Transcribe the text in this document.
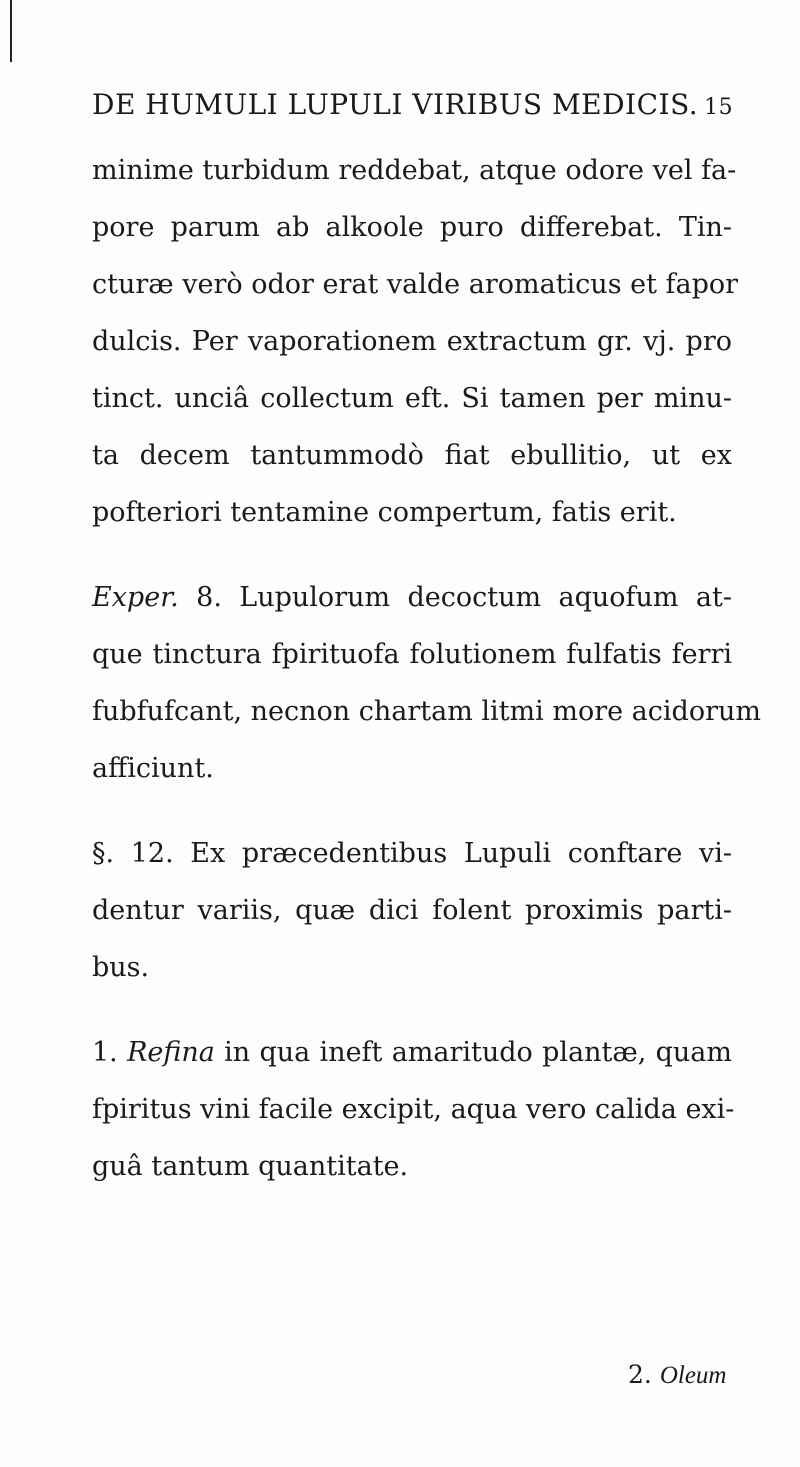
DE HUMULI LUPULI VIRIBUS MEDICIS. 15
minime turbidum reddebat, atque odore vel fa-
pore parum ab alkoole puro differebat. Tin-
cturæ verò odor erat valde aromaticus et fapor
dulcis. Per vaporationem extractum gr. vj. pro
tinct. unciâ collectum eft. Si tamen per minu-
ta decem tantummodò fiat ebullitio, ut ex
pofteriori tentamine compertum, fatis erit.
Exper. 8. Lupulorum decoctum aquofum at-
que tinctura fpirituofa folutionem fulfatis ferri
fubfufcant, necnon chartam litmi more acidorum
afficiunt.
§. 12. Ex præcedentibus Lupuli conftare vi-
dentur variis, quæ dici folent proximis parti-
bus.
1. Refina in qua ineft amaritudo plantæ, quam
fpiritus vini facile excipit, aqua vero calida exi-
guâ tantum quantitate.
2. Oleum
